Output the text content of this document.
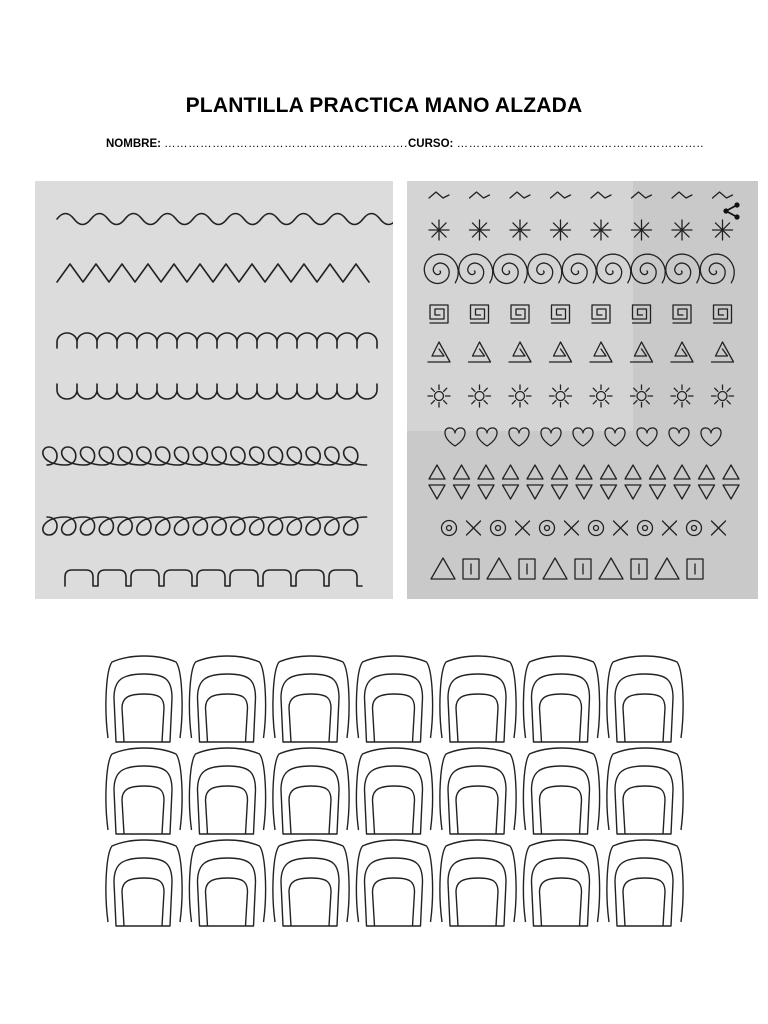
PLANTILLA PRACTICA MANO ALZADA
NOMBRE: ……………………………………………………. CURSO: ……………………………………………………..
